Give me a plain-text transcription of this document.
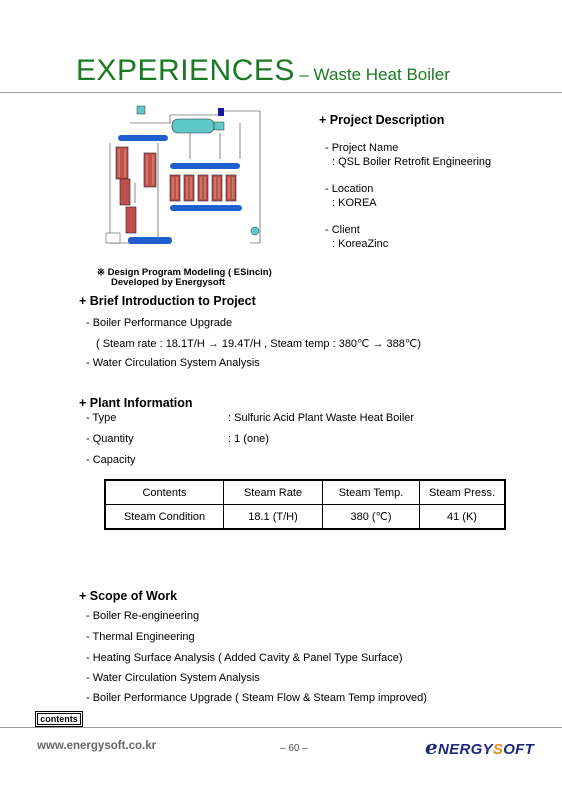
EXPERIENCES – Waste Heat Boiler
※ Design Program Modeling ( ESincin)
Developed by Energysoft
+ Project Description
- Project Name
: QSL Boiler Retrofit Engineering
- Location
: KOREA
- Client
: KoreaZinc
+ Brief Introduction to Project
- Boiler Performance Upgrade
( Steam rate : 18.1T/H → 19.4T/H , Steam temp : 380℃ → 388℃)
- Water Circulation System Analysis
+ Plant Information
- Type	: Sulfuric Acid Plant Waste Heat Boiler
- Quantity	: 1 (one)
- Capacity
Contents	Steam Rate	Steam Temp.	Steam Press.
Steam Condition	18.1 (T/H)	380 (℃)	41 (K)
+ Scope of Work
- Boiler Re-engineering
- Thermal Engineering
- Heating Surface Analysis ( Added Cavity & Panel Type Surface)
- Water Circulation System Analysis
- Boiler Performance Upgrade ( Steam Flow & Steam Temp improved)
contents
www.energysoft.co.kr	– 60 –	eNERGYSOFT
